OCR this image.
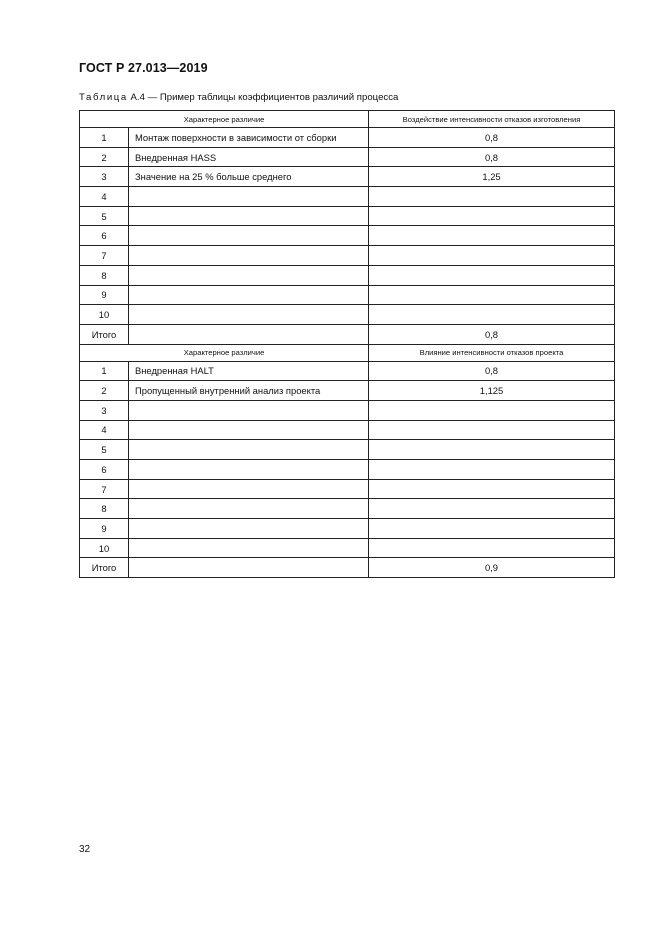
ГОСТ Р 27.013—2019
Таблица А.4 — Пример таблицы коэффициентов различий процесса
Характерное различие		Воздействие интенсивности отказов изготовления
1	Монтаж поверхности в зависимости от сборки	0,8
2	Внедренная HASS	0,8
3	Значение на 25 % больше среднего	1,25
4		
5		
6		
7		
8		
9		
10		
Итого		0,8
Характерное различие		Влияние интенсивности отказов проекта
1	Внедренная HALT	0,8
2	Пропущенный внутренний анализ проекта	1,125
3		
4		
5		
6		
7		
8		
9		
10		
Итого		0,9
32
